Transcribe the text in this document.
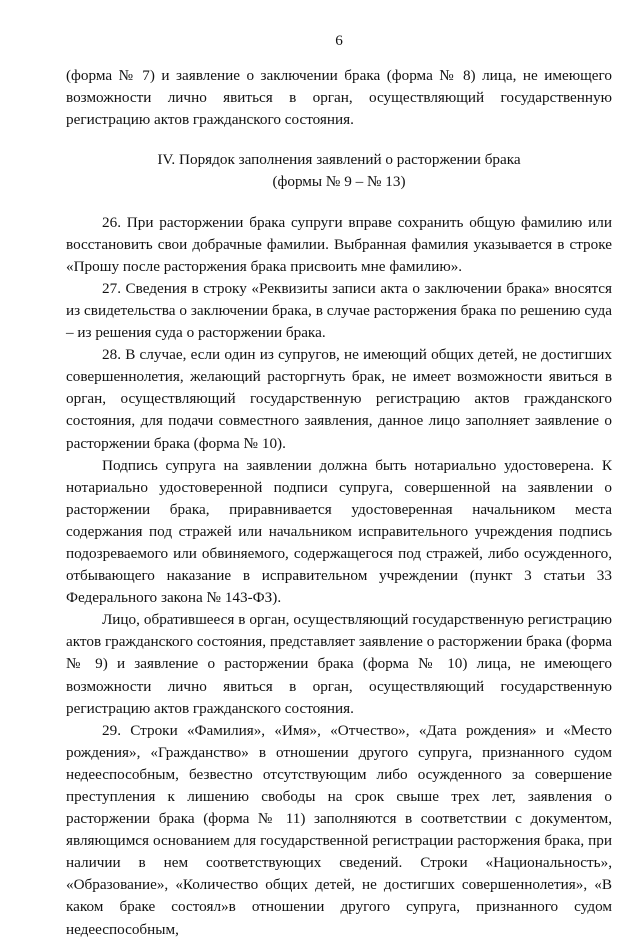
6

(форма № 7) и заявление о заключении брака (форма № 8) лица, не имеющего возможности лично явиться в орган, осуществляющий государственную регистрацию актов гражданского состояния.

IV. Порядок заполнения заявлений о расторжении брака
(формы № 9 – № 13)

26. При расторжении брака супруги вправе сохранить общую фамилию или восстановить свои добрачные фамилии. Выбранная фамилия указывается в строке «Прошу после расторжения брака присвоить мне фамилию».

27. Сведения в строку «Реквизиты записи акта о заключении брака» вносятся из свидетельства о заключении брака, в случае расторжения брака по решению суда – из решения суда о расторжении брака.

28. В случае, если один из супругов, не имеющий общих детей, не достигших совершеннолетия, желающий расторгнуть брак, не имеет возможности явиться в орган, осуществляющий государственную регистрацию актов гражданского состояния, для подачи совместного заявления, данное лицо заполняет заявление о расторжении брака (форма № 10).

Подпись супруга на заявлении должна быть нотариально удостоверена. К нотариально удостоверенной подписи супруга, совершенной на заявлении о расторжении брака, приравнивается удостоверенная начальником места содержания под стражей или начальником исправительного учреждения подпись подозреваемого или обвиняемого, содержащегося под стражей, либо осужденного, отбывающего наказание в исправительном учреждении (пункт 3 статьи 33 Федерального закона № 143-ФЗ).

Лицо, обратившееся в орган, осуществляющий государственную регистрацию актов гражданского состояния, представляет заявление о расторжении брака (форма № 9) и заявление о расторжении брака (форма № 10) лица, не имеющего возможности лично явиться в орган, осуществляющий государственную регистрацию актов гражданского состояния.

29. Строки «Фамилия», «Имя», «Отчество», «Дата рождения» и «Место рождения», «Гражданство» в отношении другого супруга, признанного судом недееспособным, безвестно отсутствующим либо осужденного за совершение преступления к лишению свободы на срок свыше трех лет, заявления о расторжении брака (форма № 11) заполняются в соответствии с документом, являющимся основанием для государственной регистрации расторжения брака, при наличии в нем соответствующих сведений. Строки «Национальность», «Образование», «Количество общих детей, не достигших совершеннолетия», «В каком браке состоял»в отношении другого супруга, признанного судом недееспособным,
